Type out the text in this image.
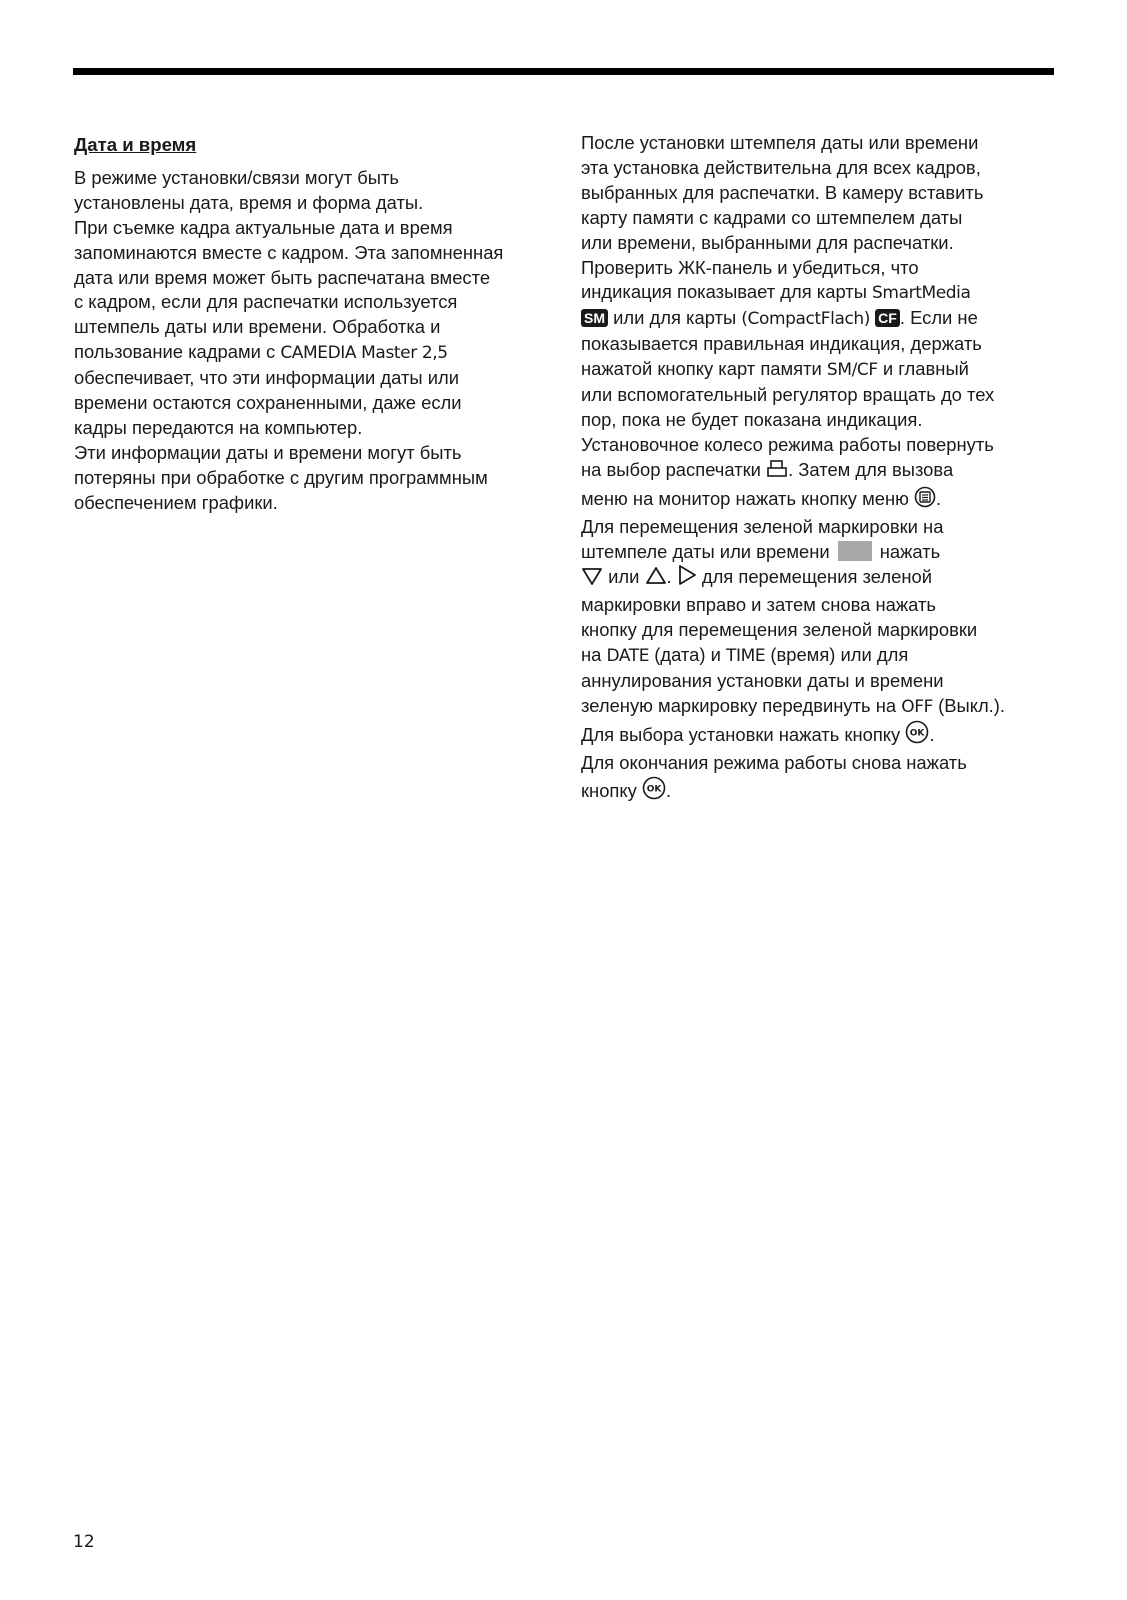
Дата и время
В режиме установки/связи могут быть
установлены дата, время и форма даты.
При съемке кадра актуальные дата и время
запоминаются вместе с кадром. Эта запомненная
дата или время может быть распечатана вместе
с кадром, если для распечатки используется
штемпель даты или времени. Обработка и
пользование кадрами с CAMEDIA Master 2,5
обеспечивает, что эти информации даты или
времени остаются сохраненными, даже если
кадры передаются на компьютер.
Эти информации даты и времени могут быть
потеряны при обработке с другим программным
обеспечением графики.
После установки штемпеля даты или времени
эта установка действительна для всех кадров,
выбранных для распечатки. В камеру вставить
карту памяти с кадрами со штемпелем даты
или времени, выбранными для распечатки.
Проверить ЖК-панель и убедиться, что
индикация показывает для карты SmartMedia
SM или для карты (CompactFlach) CF . Если не
показывается правильная индикация, держать
нажатой кнопку карт памяти SM/CF и главный
или вспомогательный регулятор вращать до тех
пор, пока не будет показана индикация.
Установочное колесо режима работы повернуть
на выбор распечатки . Затем для вызова
меню на монитор нажать кнопку меню .
Для перемещения зеленой маркировки на
штемпеле даты или времени	нажать
или .  для перемещения зеленой
маркировки вправо и затем снова нажать
кнопку для перемещения зеленой маркировки
на DATE (дата) и TIME (время) или для
аннулирования установки даты и времени
зеленую маркировку передвинуть на OFF (Выкл.).
Для выбора установки нажать кнопку OK .
Для окончания режима работы снова нажать
кнопку OK .
12
